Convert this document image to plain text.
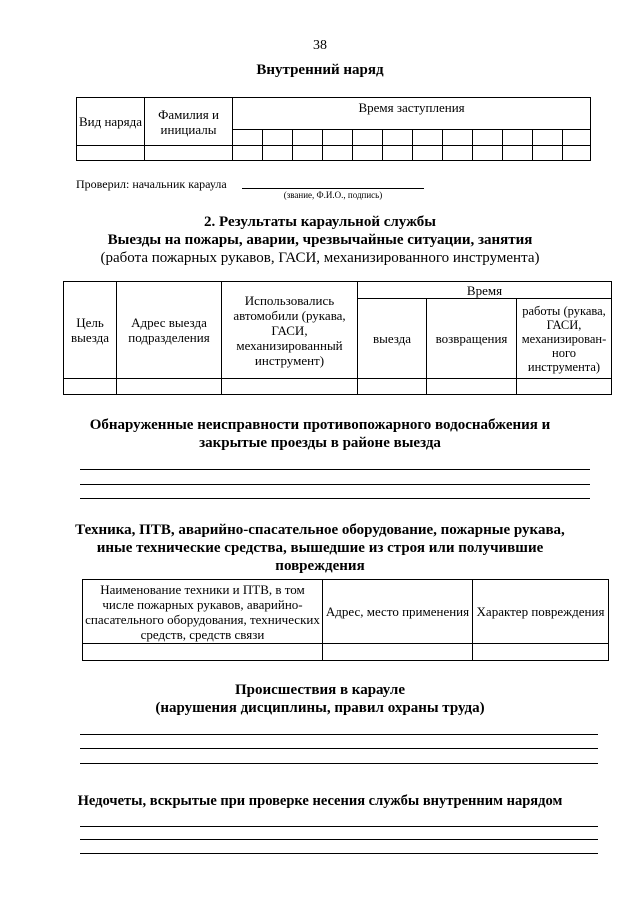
38
Внутренний наряд
Вид наряда	Фамилия и инициалы	Время заступления											

Проверил: начальник караула
(звание, Ф.И.О., подпись)
2. Результаты караульной службы
Выезды на пожары, аварии, чрезвычайные ситуации, занятия
(работа пожарных рукавов, ГАСИ, механизированного инструмента)
Цель выезда	Адрес выезда подразделения	Использовались автомобили (рукава, ГАСИ, механизированный инструмент)	Время		
			выезда	возвращения	работы (рукава, ГАСИ, механизирован-ного инструмента)

Обнаруженные неисправности противопожарного водоснабжения и
закрытые проезды в районе выезда
Техника, ПТВ, аварийно-спасательное оборудование, пожарные рукава,
иные технические средства, вышедшие из строя или получившие
повреждения
Наименование техники и ПТВ, в том числе пожарных рукавов, аварийно-спасательного оборудования, технических средств, средств связи	Адрес, место применения	Характер повреждения

Происшествия в карауле
(нарушения дисциплины, правил охраны труда)
Недочеты, вскрытые при проверке несения службы внутренним нарядом
